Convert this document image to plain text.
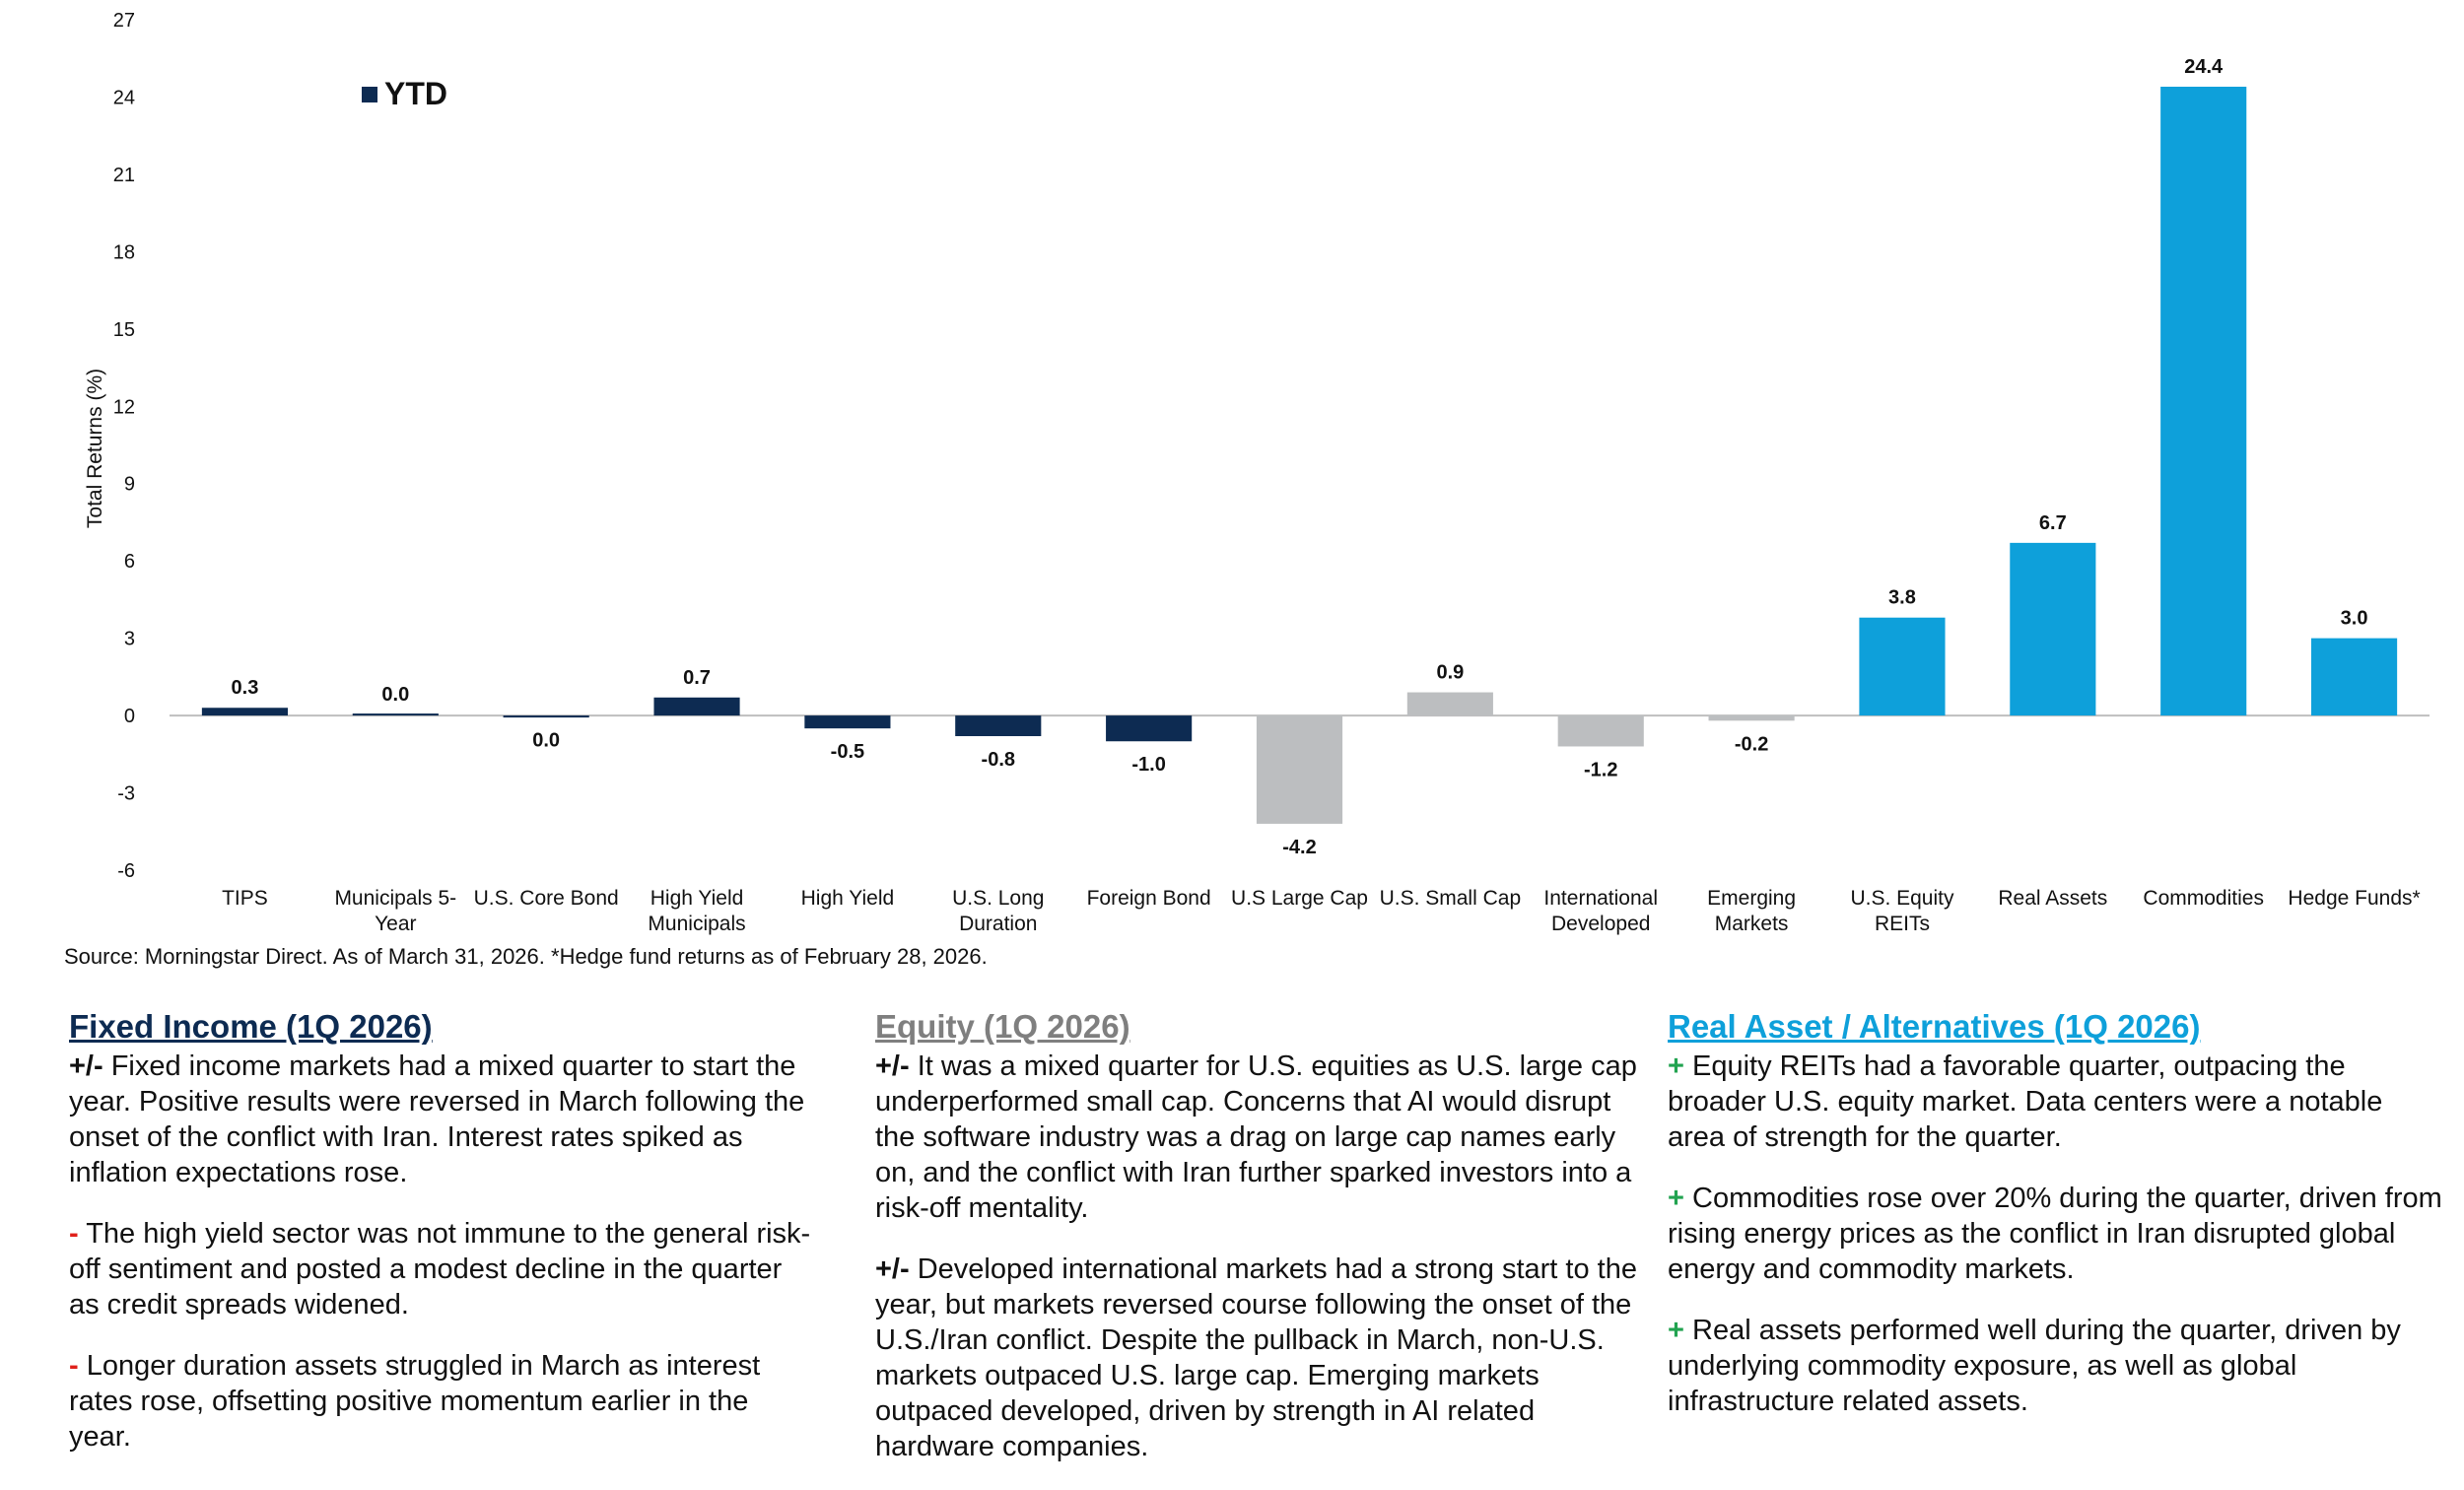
-6
-3
0
3
6
9
12
15
18
21
24
27
Total Returns (%)
0.3	0.0
0.0
0.7
-0.5	-0.8	-1.0
-4.2
0.9
-1.2
-0.2
3.8
6.7
24.4
3.0
TIPS	Municipals 5-
Year
U.S. Core Bond High Yield
Municipals
High Yield	U.S. Long
Duration
Foreign Bond U.S Large Cap U.S. Small Cap International
Developed
Emerging
Markets
U.S. Equity
REITs
Real Assets Commodities Hedge Funds*
YTD
Source: Morningstar Direct. As of March 31, 2026. *Hedge fund returns as of February 28, 2026.
Fixed Income (1Q 2026)

+/- Fixed income markets had a mixed quarter to start the year. Positive results were reversed in March following the onset of the conflict with Iran. Interest rates spiked as inflation expectations rose.

- The high yield sector was not immune to the general risk-off sentiment and posted a modest decline in the quarter as credit spreads widened.

- Longer duration assets struggled in March as interest rates rose, offsetting positive momentum earlier in the year.

Equity (1Q 2026)

+/- It was a mixed quarter for U.S. equities as U.S. large cap underperformed small cap. Concerns that AI would disrupt the software industry was a drag on large cap names early on, and the conflict with Iran further sparked investors into a risk-off mentality.

+/- Developed international markets had a strong start to the year, but markets reversed course following the onset of the U.S./Iran conflict. Despite the pullback in March, non-U.S. markets outpaced U.S. large cap. Emerging markets outpaced developed, driven by strength in AI related hardware companies.

Real Asset / Alternatives (1Q 2026)

+ Equity REITs had a favorable quarter, outpacing the broader U.S. equity market. Data centers were a notable area of strength for the quarter.

+ Commodities rose over 20% during the quarter, driven from rising energy prices as the conflict in Iran disrupted global energy and commodity markets.

+ Real assets performed well during the quarter, driven by underlying commodity exposure, as well as global infrastructure related assets.
